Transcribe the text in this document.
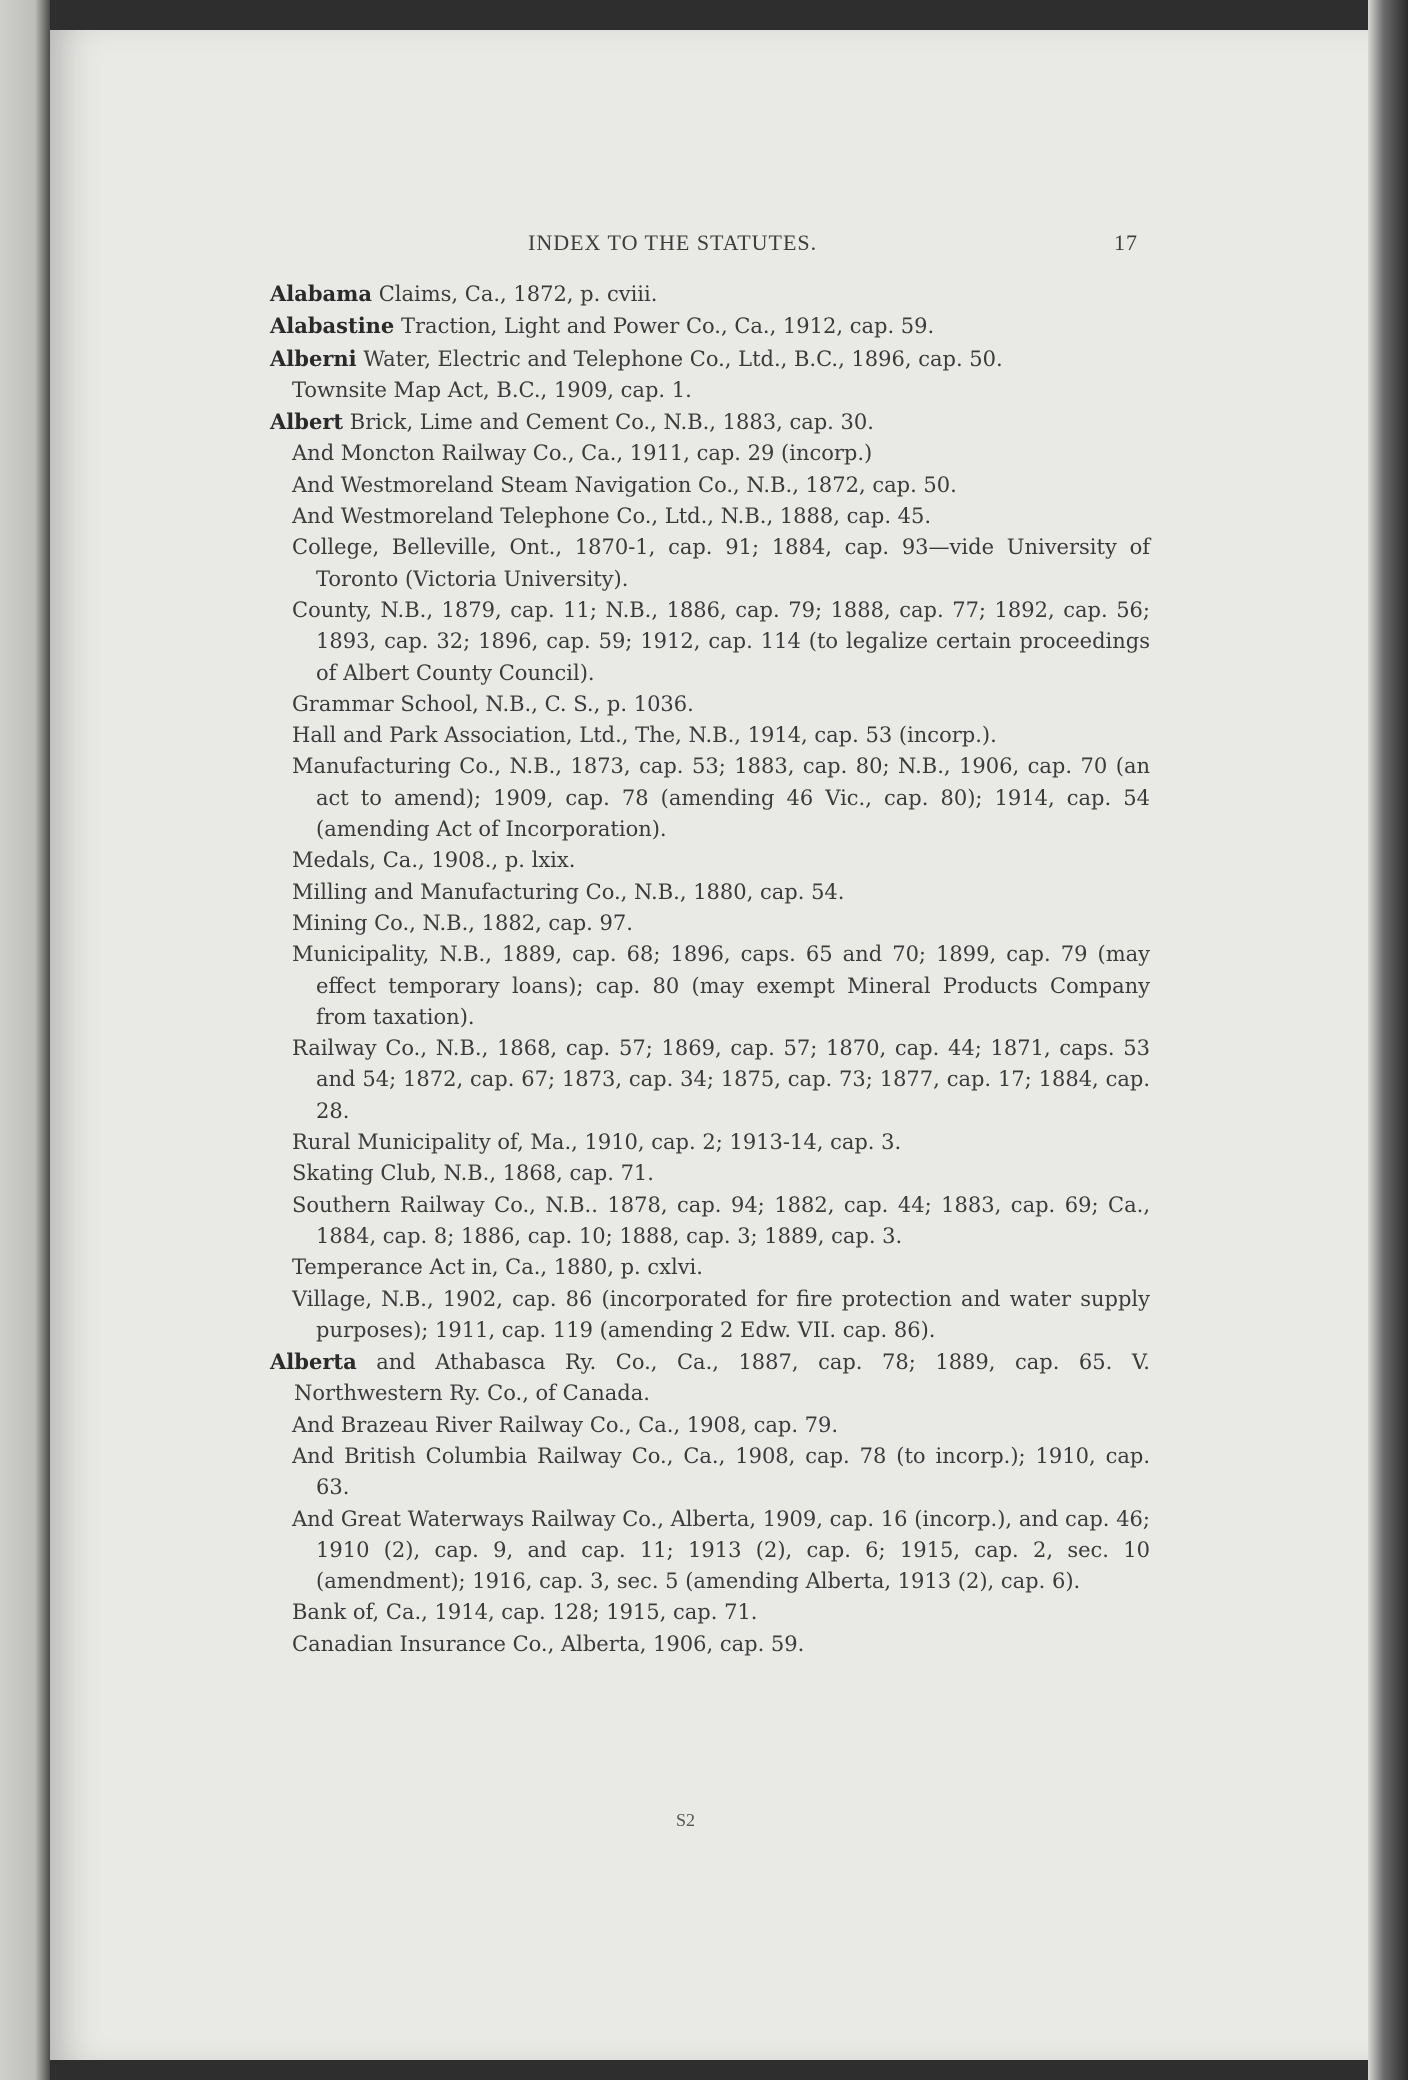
INDEX TO THE STATUTES.	17

Alabama Claims, Ca., 1872, p. cviii.

Alabastine Traction, Light and Power Co., Ca., 1912, cap. 59.

Alberni Water, Electric and Telephone Co., Ltd., B.C., 1896, cap. 50.

Townsite Map Act, B.C., 1909, cap. 1.

Albert Brick, Lime and Cement Co., N.B., 1883, cap. 30.

And Moncton Railway Co., Ca., 1911, cap. 29 (incorp.)

And Westmoreland Steam Navigation Co., N.B., 1872, cap. 50.

And Westmoreland Telephone Co., Ltd., N.B., 1888, cap. 45.

College, Belleville, Ont., 1870-1, cap. 91; 1884, cap. 93—vide University of Toronto (Victoria University).

County, N.B., 1879, cap. 11; N.B., 1886, cap. 79; 1888, cap. 77; 1892, cap. 56; 1893, cap. 32; 1896, cap. 59; 1912, cap. 114 (to legalize certain proceedings of Albert County Council).

Grammar School, N.B., C. S., p. 1036.

Hall and Park Association, Ltd., The, N.B., 1914, cap. 53 (incorp.).

Manufacturing Co., N.B., 1873, cap. 53; 1883, cap. 80; N.B., 1906, cap. 70 (an act to amend); 1909, cap. 78 (amending 46 Vic., cap. 80); 1914, cap. 54 (amending Act of Incorporation).

Medals, Ca., 1908., p. lxix.

Milling and Manufacturing Co., N.B., 1880, cap. 54.

Mining Co., N.B., 1882, cap. 97.

Municipality, N.B., 1889, cap. 68; 1896, caps. 65 and 70; 1899, cap. 79 (may effect temporary loans); cap. 80 (may exempt Mineral Products Company from taxation).

Railway Co., N.B., 1868, cap. 57; 1869, cap. 57; 1870, cap. 44; 1871, caps. 53 and 54; 1872, cap. 67; 1873, cap. 34; 1875, cap. 73; 1877, cap. 17; 1884, cap. 28.

Rural Municipality of, Ma., 1910, cap. 2; 1913-14, cap. 3.

Skating Club, N.B., 1868, cap. 71.

Southern Railway Co., N.B.. 1878, cap. 94; 1882, cap. 44; 1883, cap. 69; Ca., 1884, cap. 8; 1886, cap. 10; 1888, cap. 3; 1889, cap. 3.

Temperance Act in, Ca., 1880, p. cxlvi.

Village, N.B., 1902, cap. 86 (incorporated for fire protection and water supply purposes); 1911, cap. 119 (amending 2 Edw. VII. cap. 86).

Alberta and Athabasca Ry. Co., Ca., 1887, cap. 78; 1889, cap. 65. V. Northwestern Ry. Co., of Canada.

And Brazeau River Railway Co., Ca., 1908, cap. 79.

And British Columbia Railway Co., Ca., 1908, cap. 78 (to incorp.); 1910, cap. 63.

And Great Waterways Railway Co., Alberta, 1909, cap. 16 (incorp.), and cap. 46; 1910 (2), cap. 9, and cap. 11; 1913 (2), cap. 6; 1915, cap. 2, sec. 10 (amendment); 1916, cap. 3, sec. 5 (amending Alberta, 1913 (2), cap. 6).

Bank of, Ca., 1914, cap. 128; 1915, cap. 71.

Canadian Insurance Co., Alberta, 1906, cap. 59.

S2
